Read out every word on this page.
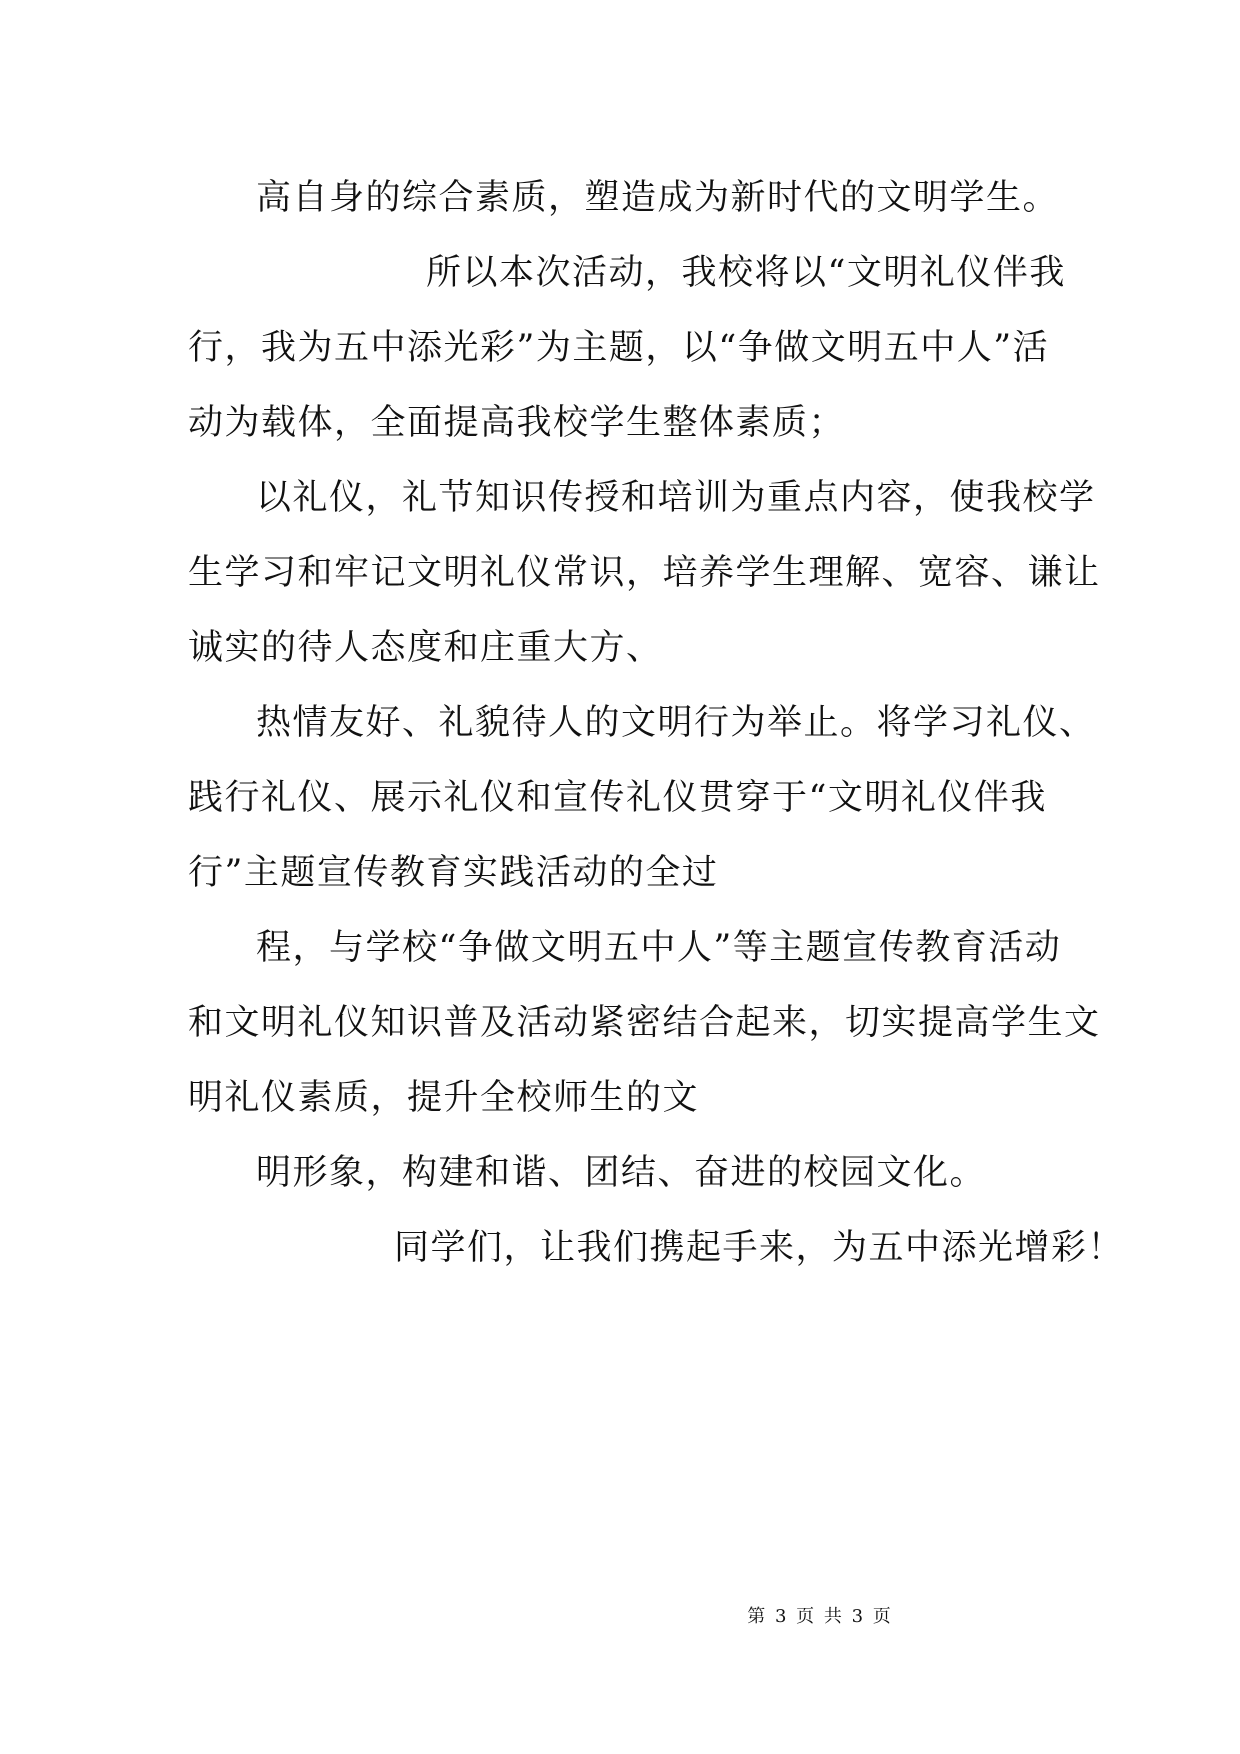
高自身的综合素质，塑造成为新时代的文明学生。
所以本次活动，我校将以“文明礼仪伴我
行，我为五中添光彩”为主题，以“争做文明五中人”活
动为载体，全面提高我校学生整体素质；
以礼仪，礼节知识传授和培训为重点内容，使我校学
生学习和牢记文明礼仪常识，培养学生理解、宽容、谦让
诚实的待人态度和庄重大方、
热情友好、礼貌待人的文明行为举止。将学习礼仪、
践行礼仪、展示礼仪和宣传礼仪贯穿于“文明礼仪伴我
行”主题宣传教育实践活动的全过
程，与学校“争做文明五中人”等主题宣传教育活动
和文明礼仪知识普及活动紧密结合起来，切实提高学生文
明礼仪素质，提升全校师生的文
明形象，构建和谐、团结、奋进的校园文化。
同学们，让我们携起手来，为五中添光增彩！
第 3 页 共 3 页
